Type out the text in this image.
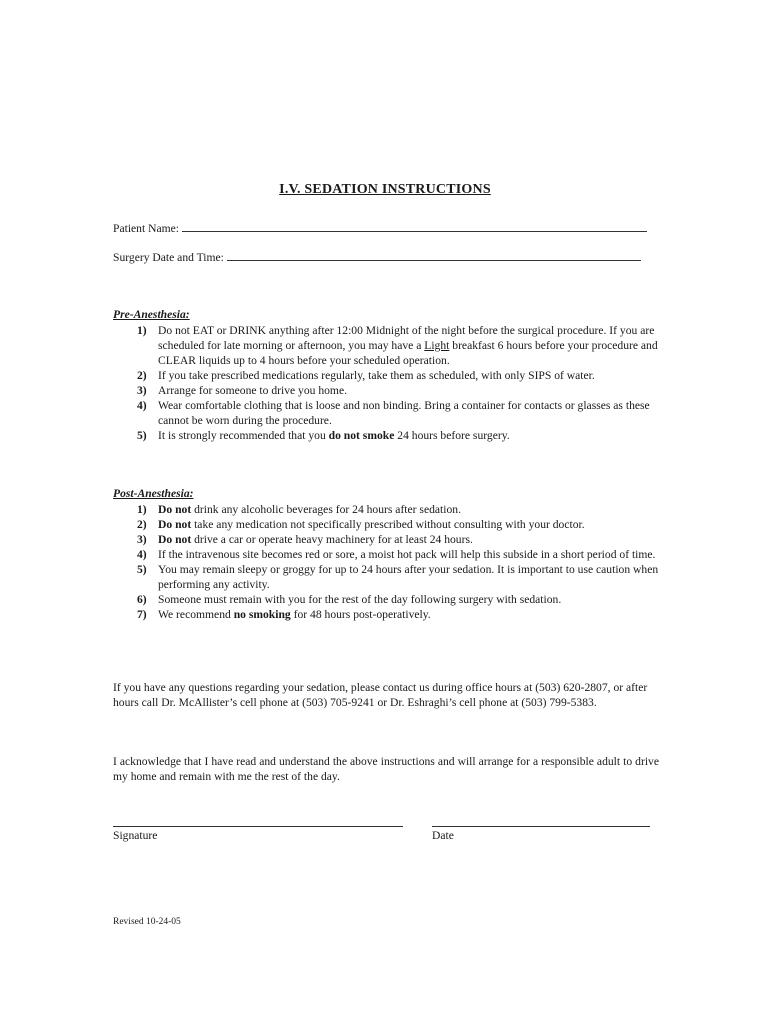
I.V. SEDATION INSTRUCTIONS
Patient Name:
Surgery Date and Time:
Pre-Anesthesia:
1) Do not EAT or DRINK anything after 12:00 Midnight of the night before the surgical procedure. If you are scheduled for late morning or afternoon, you may have a Light breakfast 6 hours before your procedure and CLEAR liquids up to 4 hours before your scheduled operation.
2) If you take prescribed medications regularly, take them as scheduled, with only SIPS of water.
3) Arrange for someone to drive you home.
4) Wear comfortable clothing that is loose and non binding. Bring a container for contacts or glasses as these cannot be worn during the procedure.
5) It is strongly recommended that you do not smoke 24 hours before surgery.
Post-Anesthesia:
1) Do not drink any alcoholic beverages for 24 hours after sedation.
2) Do not take any medication not specifically prescribed without consulting with your doctor.
3) Do not drive a car or operate heavy machinery for at least 24 hours.
4) If the intravenous site becomes red or sore, a moist hot pack will help this subside in a short period of time.
5) You may remain sleepy or groggy for up to 24 hours after your sedation. It is important to use caution when performing any activity.
6) Someone must remain with you for the rest of the day following surgery with sedation.
7) We recommend no smoking for 48 hours post-operatively.

If you have any questions regarding your sedation, please contact us during office hours at (503) 620-2807, or after hours call Dr. McAllister’s cell phone at (503) 705-9241 or Dr. Eshraghi’s cell phone at (503) 799-5383.

I acknowledge that I have read and understand the above instructions and will arrange for a responsible adult to drive my home and remain with me the rest of the day.

Signature	Date
Revised 10-24-05
